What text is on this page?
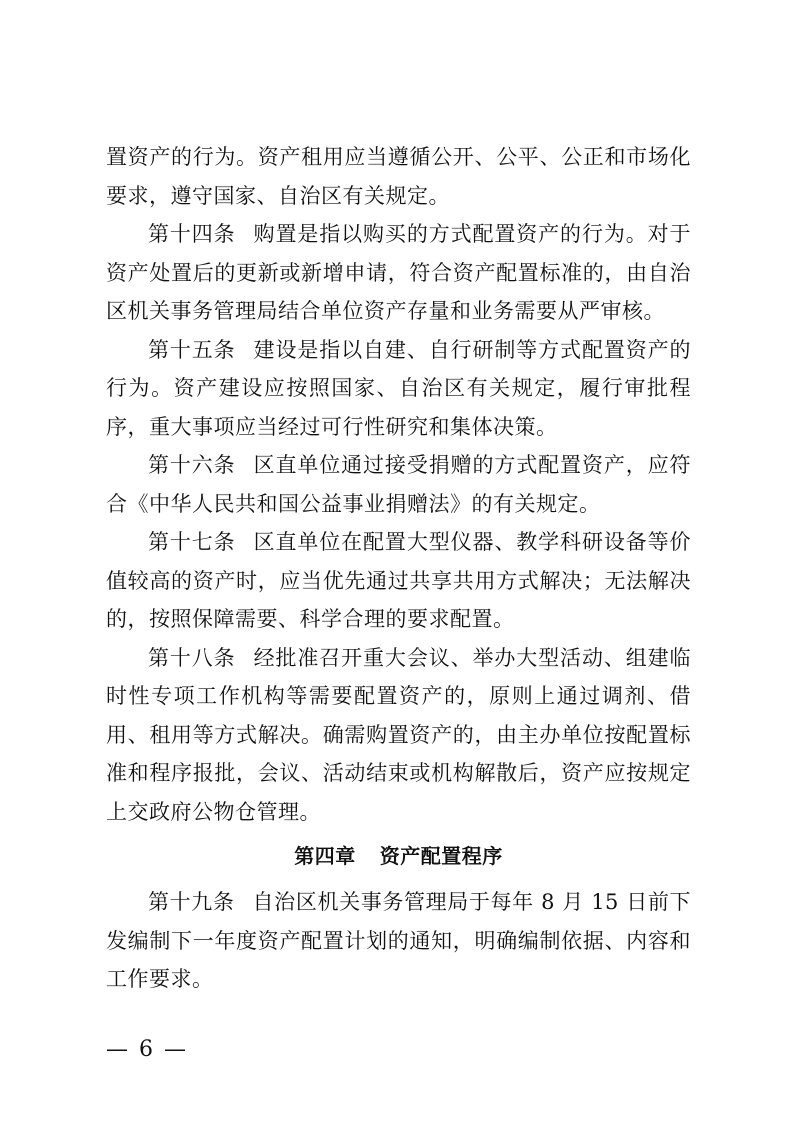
置资产的行为。资产租用应当遵循公开、公平、公正和市场化要求，遵守国家、自治区有关规定。

第十四条 购置是指以购买的方式配置资产的行为。对于资产处置后的更新或新增申请，符合资产配置标准的，由自治区机关事务管理局结合单位资产存量和业务需要从严审核。

第十五条 建设是指以自建、自行研制等方式配置资产的行为。资产建设应按照国家、自治区有关规定，履行审批程序，重大事项应当经过可行性研究和集体决策。

第十六条 区直单位通过接受捐赠的方式配置资产，应符合《中华人民共和国公益事业捐赠法》的有关规定。

第十七条 区直单位在配置大型仪器、教学科研设备等价值较高的资产时，应当优先通过共享共用方式解决；无法解决的，按照保障需要、科学合理的要求配置。

第十八条 经批准召开重大会议、举办大型活动、组建临时性专项工作机构等需要配置资产的，原则上通过调剂、借用、租用等方式解决。确需购置资产的，由主办单位按配置标准和程序报批，会议、活动结束或机构解散后，资产应按规定上交政府公物仓管理。

第四章 资产配置程序

第十九条 自治区机关事务管理局于每年 8 月 15 日前下发编制下一年度资产配置计划的通知，明确编制依据、内容和工作要求。

— 6 —
